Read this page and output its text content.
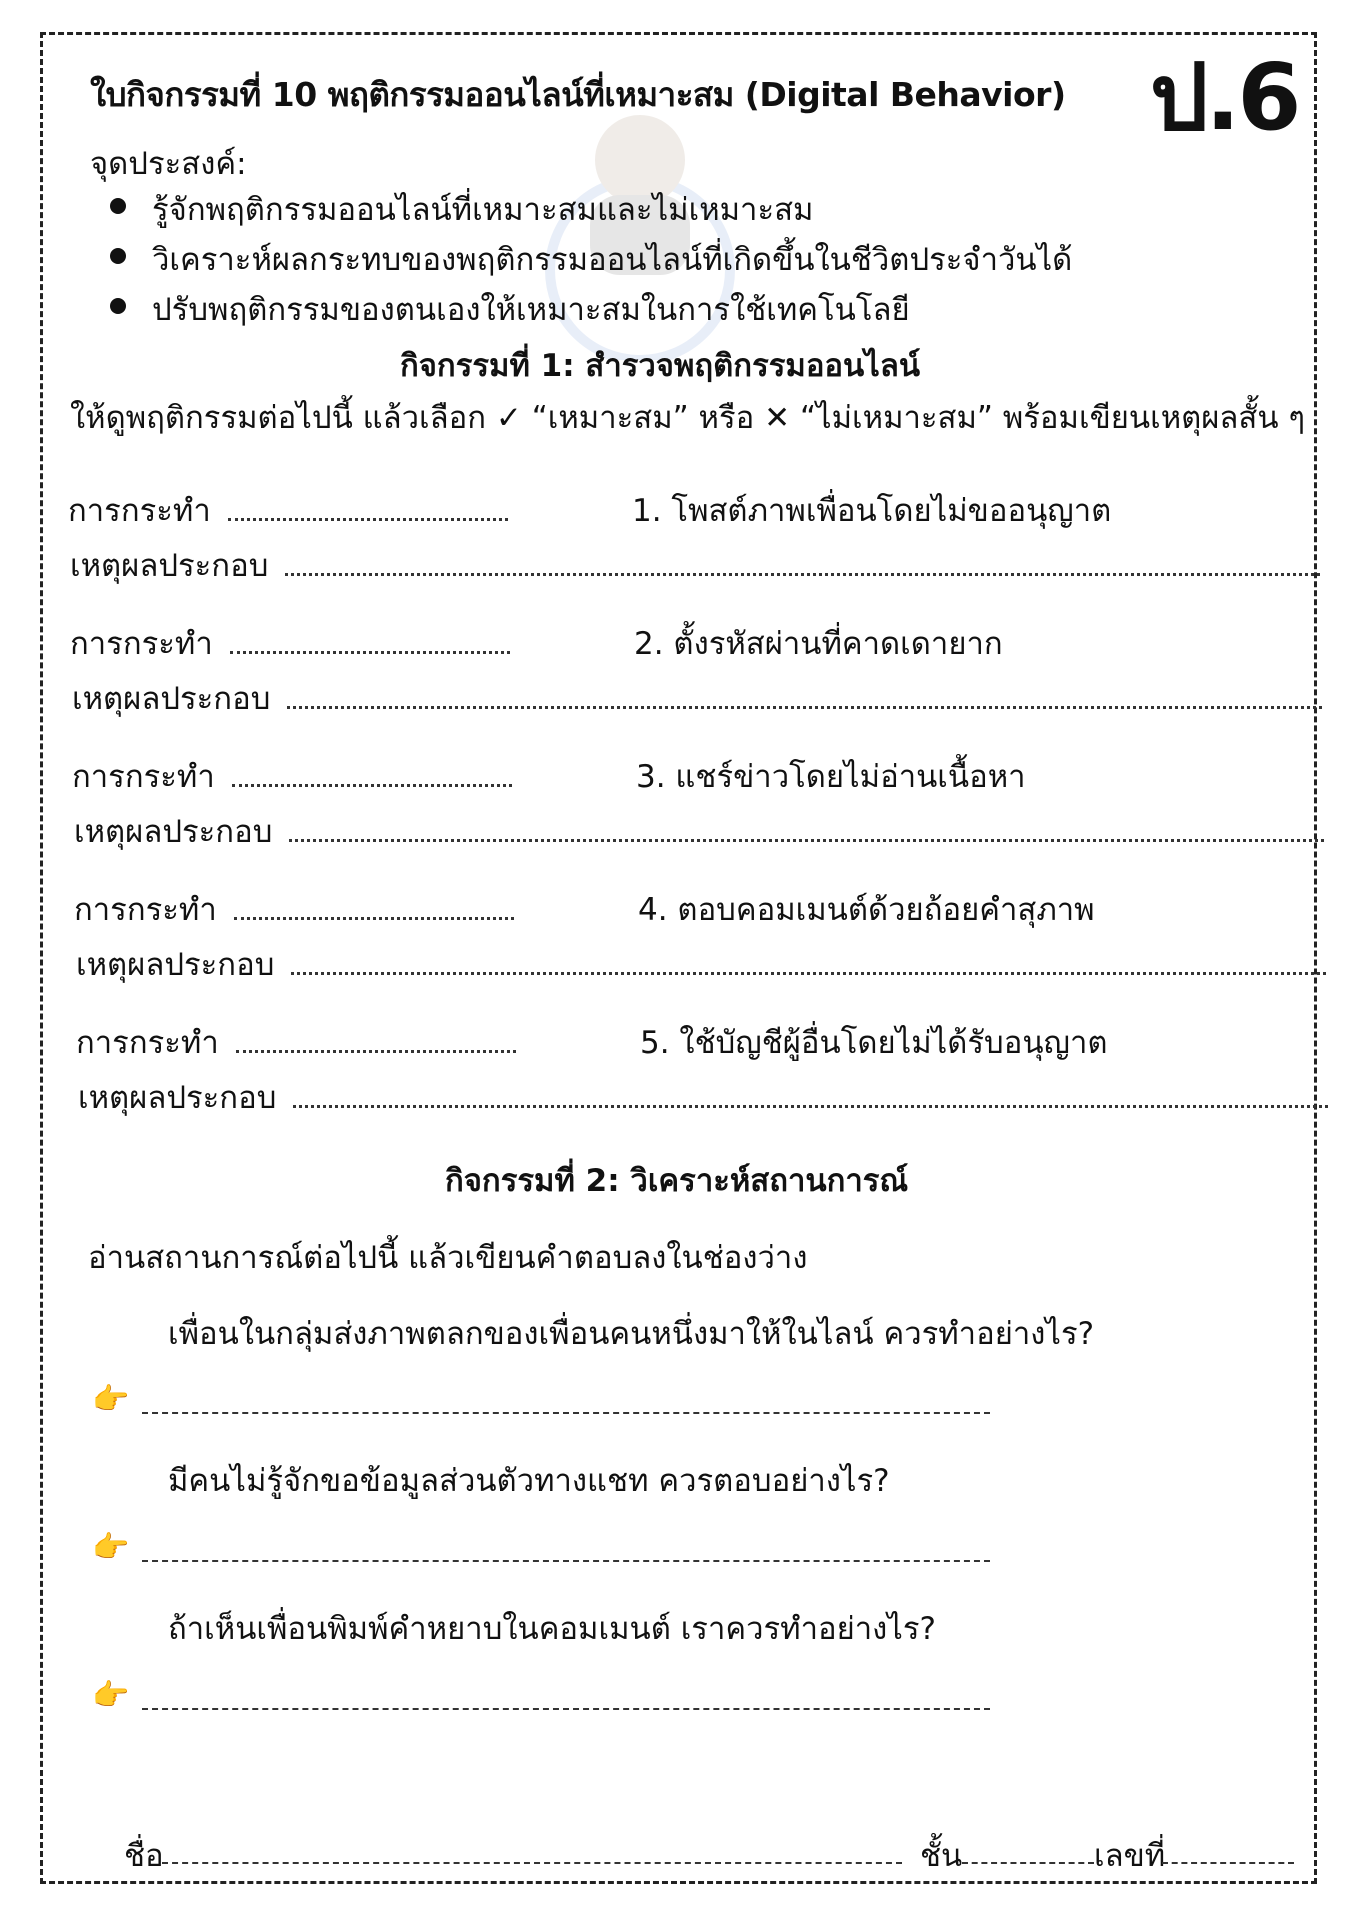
ใบกิจกรรมที่ 10 พฤติกรรมออนไลน์ที่เหมาะสม (Digital Behavior) ป.6
จุดประสงค์:
รู้จักพฤติกรรมออนไลน์ที่เหมาะสมและไม่เหมาะสม
วิเคราะห์ผลกระทบของพฤติกรรมออนไลน์ที่เกิดขึ้นในชีวิตประจำวันได้
ปรับพฤติกรรมของตนเองให้เหมาะสมในการใช้เทคโนโลยี
กิจกรรมที่ 1: สำรวจพฤติกรรมออนไลน์
ให้ดูพฤติกรรมต่อไปนี้ แล้วเลือก ✓ “เหมาะสม” หรือ ✕ “ไม่เหมาะสม” พร้อมเขียนเหตุผลสั้น ๆ
การกระทำ	1. โพสต์ภาพเพื่อนโดยไม่ขออนุญาต
เหตุผลประกอบ
การกระทำ	2. ตั้งรหัสผ่านที่คาดเดายาก
เหตุผลประกอบ
การกระทำ	3. แชร์ข่าวโดยไม่อ่านเนื้อหา
เหตุผลประกอบ
การกระทำ	4. ตอบคอมเมนต์ด้วยถ้อยคำสุภาพ
เหตุผลประกอบ
การกระทำ	5. ใช้บัญชีผู้อื่นโดยไม่ได้รับอนุญาต
เหตุผลประกอบ
กิจกรรมที่ 2: วิเคราะห์สถานการณ์
อ่านสถานการณ์ต่อไปนี้ แล้วเขียนคำตอบลงในช่องว่าง
เพื่อนในกลุ่มส่งภาพตลกของเพื่อนคนหนึ่งมาให้ในไลน์ ควรทำอย่างไร?
👉
มีคนไม่รู้จักขอข้อมูลส่วนตัวทางแชท ควรตอบอย่างไร?
👉
ถ้าเห็นเพื่อนพิมพ์คำหยาบในคอมเมนต์ เราควรทำอย่างไร?
👉
ชื่อ	ชั้น	เลขที่
